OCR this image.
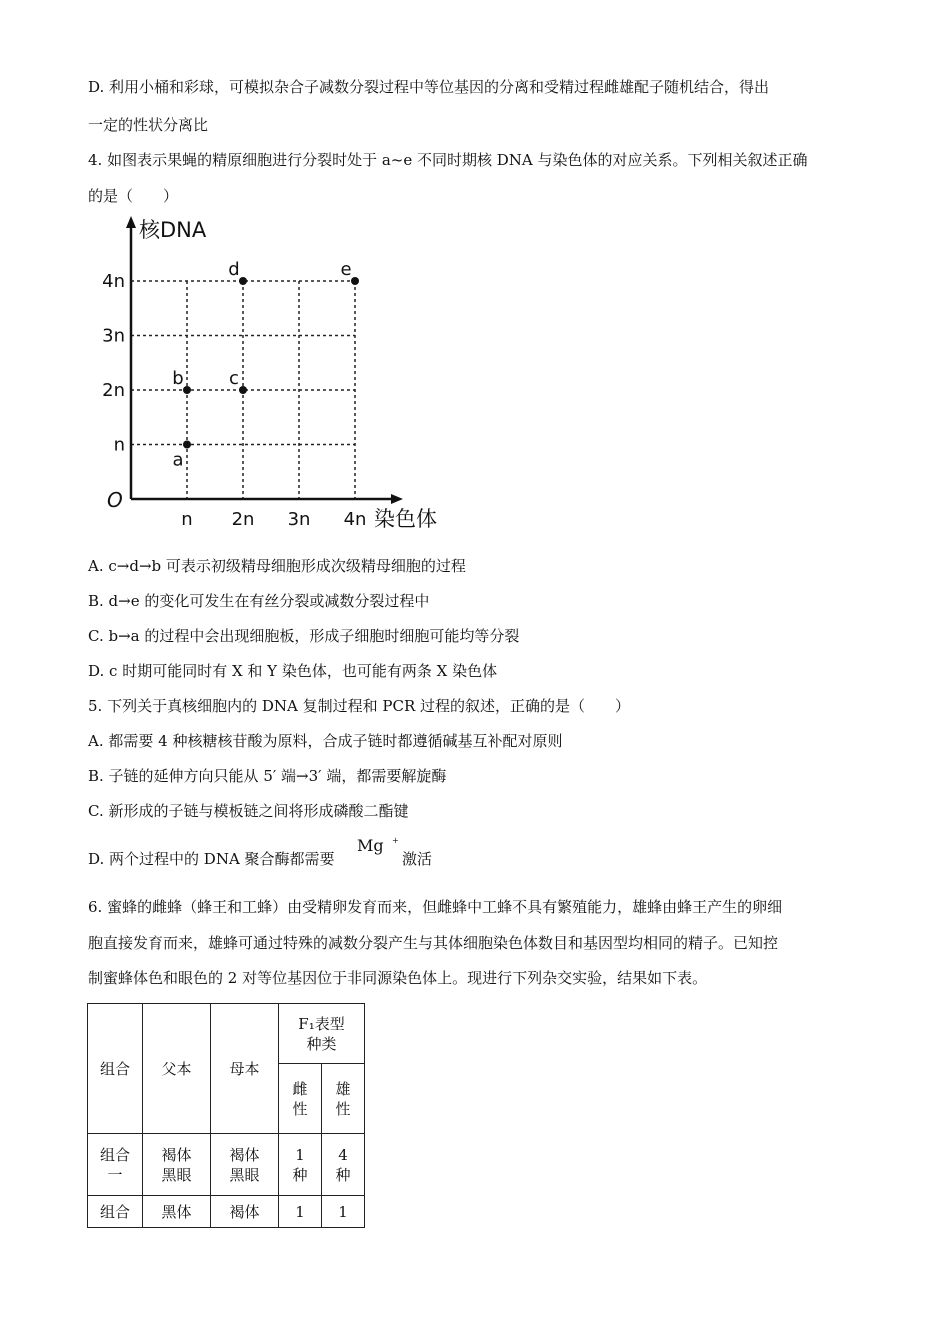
D. 利用小桶和彩球，可模拟杂合子减数分裂过程中等位基因的分离和受精过程雌雄配子随机结合，得出
一定的性状分离比
4. 如图表示果蝇的精原细胞进行分裂时处于 a~e 不同时期核 DNA 与染色体的对应关系。下列相关叙述正确
的是（　　）
核DNA
染色体
O
n 2n 3n 4n
n
2n
3n
4n
a
b	c
d	e
A. c→d→b 可表示初级精母细胞形成次级精母细胞的过程
B. d→e 的变化可发生在有丝分裂或减数分裂过程中
C. b→a 的过程中会出现细胞板，形成子细胞时细胞可能均等分裂
D. c 时期可能同时有 X 和 Y 染色体，也可能有两条 X 染色体
5. 下列关于真核细胞内的 DNA 复制过程和 PCR 过程的叙述，正确的是（　　）
A. 都需要 4 种核糖核苷酸为原料，合成子链时都遵循碱基互补配对原则
B. 子链的延伸方向只能从 5′ 端→3′ 端，都需要解旋酶
C. 新形成的子链与模板链之间将形成磷酸二酯键
D. 两个过程中的 DNA 聚合酶都需要
Mg +
激活
6. 蜜蜂的雌蜂（蜂王和工蜂）由受精卵发育而来，但雌蜂中工蜂不具有繁殖能力，雄蜂由蜂王产生的卵细
胞直接发育而来，雄蜂可通过特殊的减数分裂产生与其体细胞染色体数目和基因型均相同的精子。已知控
制蜜蜂体色和眼色的 2 对等位基因位于非同源染色体上。现进行下列杂交实验，结果如下表。
组合	父本	母本	F₁表型种类	

			雌性	雄性

组合一	褐体黑眼	褐体黑眼	1种	4种

组合	黑体	褐体	1	1
